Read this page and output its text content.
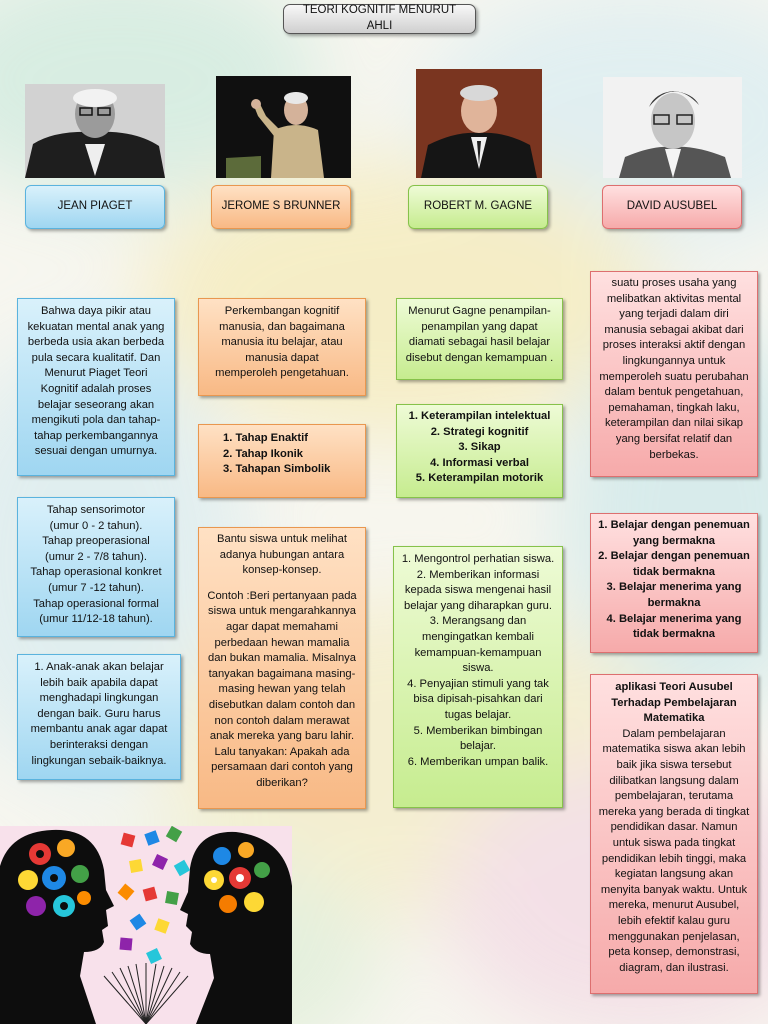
TEORI KOGNITIF MENURUT AHLI
JEAN PIAGET	JEROME S BRUNNER	ROBERT M. GAGNE	DAVID AUSUBEL
Bahwa daya pikir atau kekuatan mental anak yang berbeda usia akan berbeda pula secara kualitatif. Dan Menurut Piaget Teori Kognitif adalah proses belajar seseorang akan mengikuti pola dan tahap-tahap perkembangannya sesuai dengan umurnya.
Perkembangan kognitif manusia, dan bagaimana manusia itu belajar, atau manusia dapat memperoleh pengetahuan.
Menurut Gagne penampilan-penampilan yang dapat diamati sebagai hasil belajar disebut dengan kemampuan .
suatu proses usaha yang melibatkan aktivitas mental yang terjadi dalam diri manusia sebagai akibat dari proses interaksi aktif dengan lingkungannya untuk memperoleh suatu perubahan dalam bentuk pengetahuan, pemahaman, tingkah laku, keterampilan dan nilai sikap yang bersifat relatif dan berbekas.
Tahap sensorimotor
(umur 0 - 2 tahun).
Tahap preoperasional
(umur 2 - 7/8 tahun).
Tahap operasional konkret
(umur 7 -12 tahun).
Tahap operasional formal
(umur 11/12-18 tahun).
1. Tahap Enaktif
2. Tahap Ikonik
3. Tahapan Simbolik
1. Keterampilan intelektual
2. Strategi kognitif
3. Sikap
4. Informasi verbal
5. Keterampilan motorik
1. Belajar dengan penemuan yang bermakna
2. Belajar dengan penemuan tidak bermakna
3. Belajar menerima yang bermakna
4. Belajar menerima yang tidak bermakna
1. Anak-anak akan belajar lebih baik apabila dapat menghadapi lingkungan dengan baik. Guru harus membantu anak agar dapat berinteraksi dengan lingkungan sebaik-baiknya.
Bantu siswa untuk melihat adanya hubungan antara konsep-konsep.
Contoh :Beri pertanyaan pada siswa untuk mengarahkannya agar dapat memahami perbedaan hewan mamalia dan bukan mamalia. Misalnya tanyakan bagaimana masing-masing hewan yang telah disebutkan dalam contoh dan non contoh dalam merawat anak mereka yang baru lahir. Lalu tanyakan: Apakah ada persamaan dari contoh yang diberikan?
1. Mengontrol perhatian siswa.
2. Memberikan informasi kepada siswa mengenai hasil belajar yang diharapkan guru.
3. Merangsang dan mengingatkan kembali kemampuan-kemampuan siswa.
4. Penyajian stimuli yang tak bisa dipisah-pisahkan dari tugas belajar.
5. Memberikan bimbingan belajar.
6. Memberikan umpan balik.
aplikasi Teori Ausubel Terhadap Pembelajaran Matematika
Dalam pembelajaran matematika siswa akan lebih baik jika siswa tersebut dilibatkan langsung dalam pembelajaran, terutama mereka yang berada di tingkat pendidikan dasar. Namun untuk siswa pada tingkat pendidikan lebih tinggi, maka kegiatan langsung akan menyita banyak waktu. Untuk mereka, menurut Ausubel, lebih efektif kalau guru menggunakan penjelasan, peta konsep, demonstrasi, diagram, dan ilustrasi.
